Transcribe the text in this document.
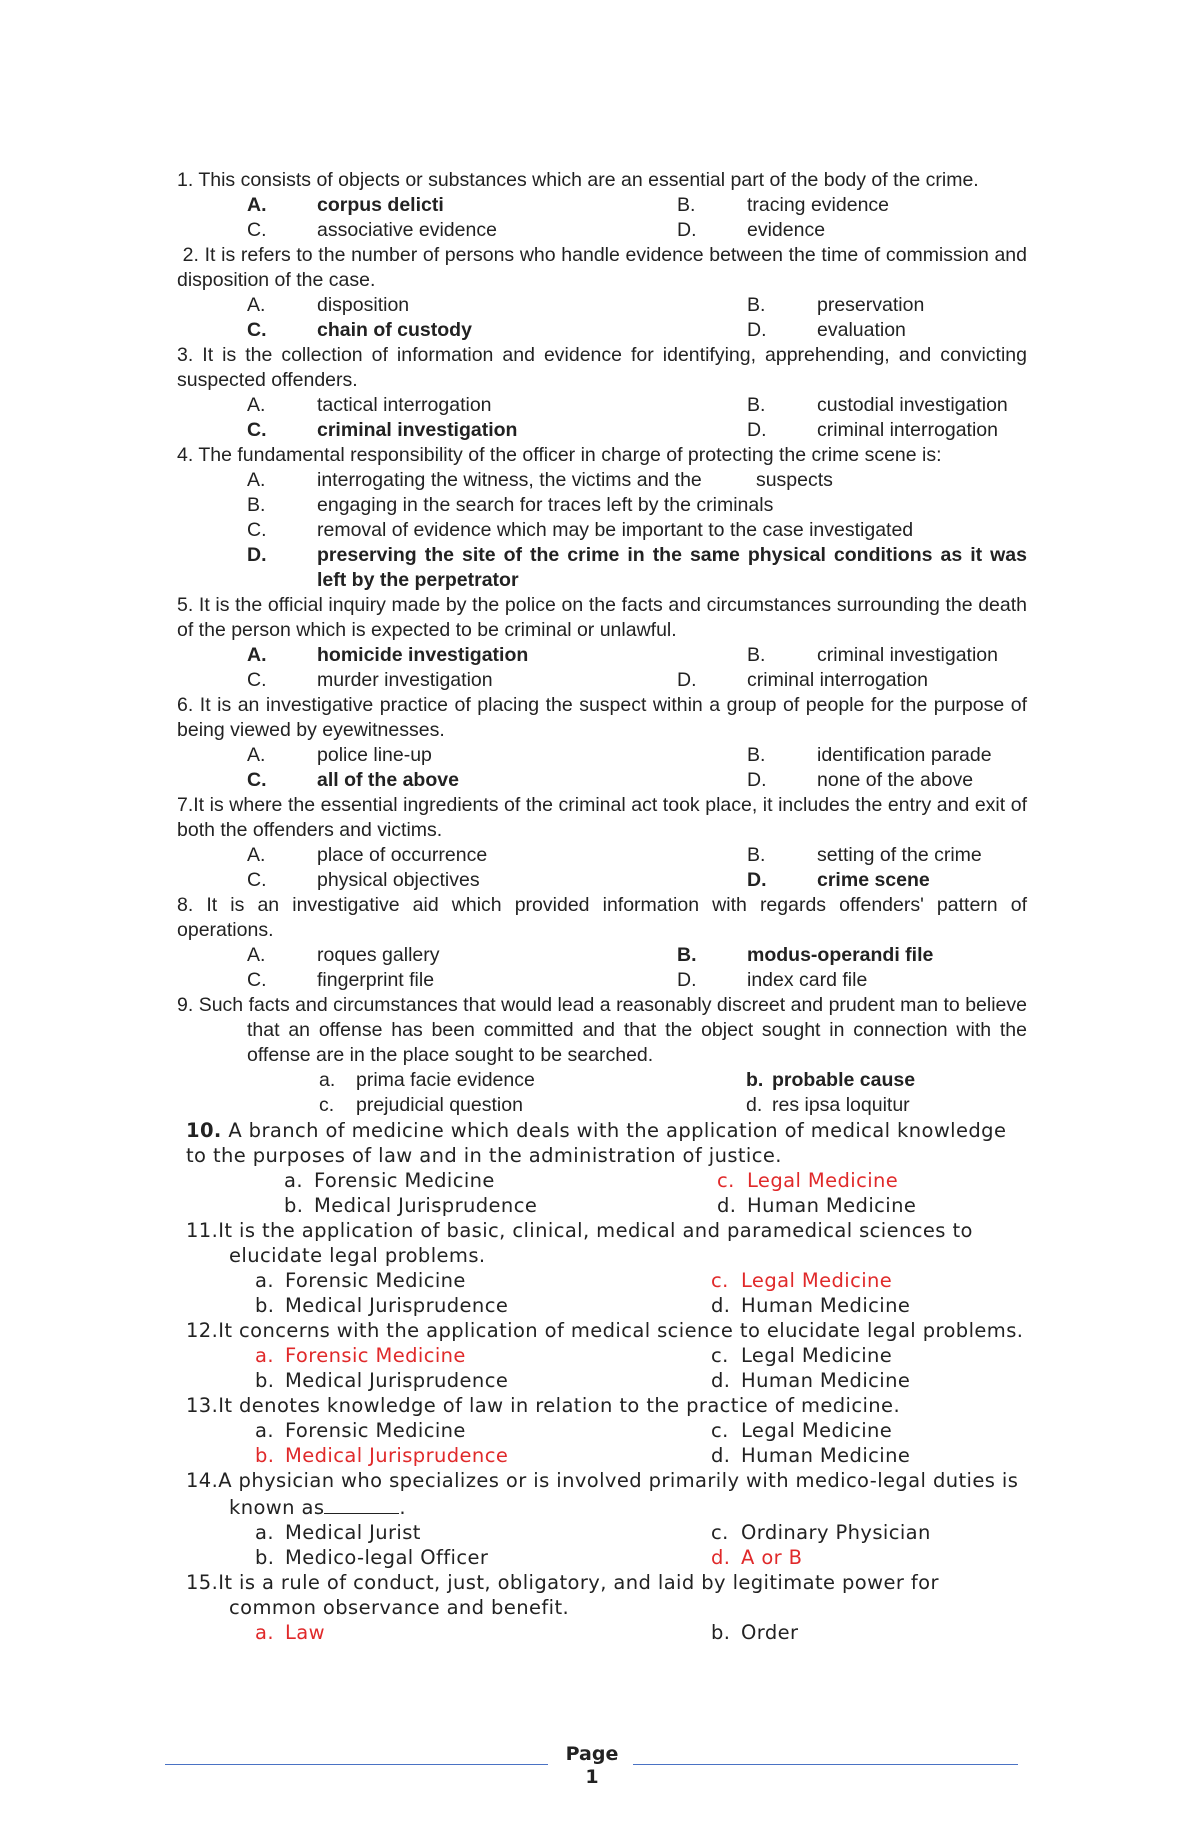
1. This consists of objects or substances which are an essential part of the body of the crime.
A.	corpus delicti	B.	tracing evidence
C.	associative evidence	D.	evidence
2. It is refers to the number of persons who handle evidence between the time of commission and disposition of the case.
A.	disposition	B.	preservation
C.	chain of custody	D.	evaluation
3. It is the collection of information and evidence for identifying, apprehending, and convicting suspected offenders.
A.	tactical interrogation	B.	custodial investigation
C.	criminal investigation	D.	criminal interrogation
4. The fundamental responsibility of the officer in charge of protecting the crime scene is:
A.	interrogating the witness, the victims and the          suspects
B.	engaging in the search for traces left by the criminals
C.	removal of evidence which may be important to the case investigated
D.	preserving the site of the crime in the same physical conditions as it was left by the perpetrator
5. It is the official inquiry made by the police on the facts and circumstances surrounding the death of the person which is expected to be criminal or unlawful.
A.	homicide investigation	B.	criminal investigation
C.	murder investigation	D.	criminal interrogation
6. It is an investigative practice of placing the suspect within a group of people for the purpose of being viewed by eyewitnesses.
A.	police line-up	B.	identification parade
C.	all of the above	D.	none of the above
7.It is where the essential ingredients of the criminal act took place, it includes the entry and exit of both the offenders and victims.
A.	place of occurrence	B.	setting of the crime
C.	physical objectives	D.	crime scene
8. It is an investigative aid which provided information with regards offenders' pattern of operations.
A.	roques gallery	B.	modus-operandi file
C.	fingerprint file	D.	index card file
9. Such facts and circumstances that would lead a reasonably discreet and prudent man to believe that an offense has been committed and that the object sought in connection with the offense are in the place sought to be searched.
a.	prima facie evidence	b. probable cause
c.	prejudicial question	d. res ipsa loquitur
10. A branch of medicine which deals with the application of medical knowledge to the purposes of law and in the administration of justice.
a. Forensic Medicine	c. Legal Medicine
b. Medical Jurisprudence	d. Human Medicine
11.It is the application of basic, clinical, medical and paramedical sciences to elucidate legal problems.
a. Forensic Medicine	c. Legal Medicine
b. Medical Jurisprudence	d. Human Medicine
12.It concerns with the application of medical science to elucidate legal problems.
a. Forensic Medicine	c. Legal Medicine
b. Medical Jurisprudence	d. Human Medicine
13.It denotes knowledge of law in relation to the practice of medicine.
a. Forensic Medicine	c. Legal Medicine
b. Medical Jurisprudence	d. Human Medicine
14.A physician who specializes or is involved primarily with medico-legal duties is known as	.
a. Medical Jurist	c. Ordinary Physician
b. Medico-legal Officer	d. A or B
15.It is a rule of conduct, just, obligatory, and laid by legitimate power for common observance and benefit.
a. Law	b. Order
Page
1
